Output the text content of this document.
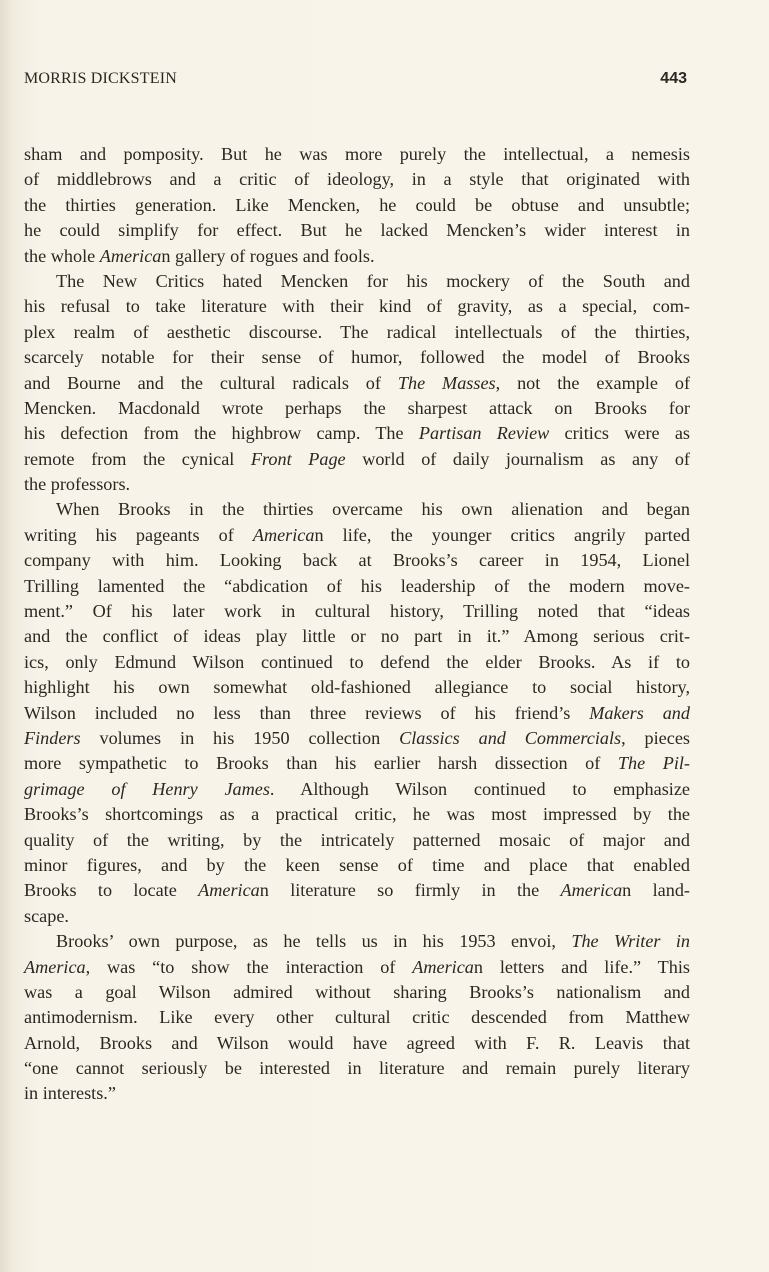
MORRIS DICKSTEIN	443
sham and pomposity. But he was more purely the intellectual, a nemesis
of middlebrows and a critic of ideology, in a style that originated with
the thirties generation. Like Mencken, he could be obtuse and unsubtle;
he could simplify for effect. But he lacked Mencken’s wider interest in
the whole American gallery of rogues and fools.
The New Critics hated Mencken for his mockery of the South and
his refusal to take literature with their kind of gravity, as a special, com-
plex realm of aesthetic discourse. The radical intellectuals of the thirties,
scarcely notable for their sense of humor, followed the model of Brooks
and Bourne and the cultural radicals of The Masses, not the example of
Mencken. Macdonald wrote perhaps the sharpest attack on Brooks for
his defection from the highbrow camp. The Partisan Review critics were as
remote from the cynical Front Page world of daily journalism as any of
the professors.
When Brooks in the thirties overcame his own alienation and began
writing his pageants of American life, the younger critics angrily parted
company with him. Looking back at Brooks’s career in 1954, Lionel
Trilling lamented the “abdication of his leadership of the modern move-
ment.” Of his later work in cultural history, Trilling noted that “ideas
and the conflict of ideas play little or no part in it.” Among serious crit-
ics, only Edmund Wilson continued to defend the elder Brooks. As if to
highlight his own somewhat old-fashioned allegiance to social history,
Wilson included no less than three reviews of his friend’s Makers and
Finders volumes in his 1950 collection Classics and Commercials, pieces
more sympathetic to Brooks than his earlier harsh dissection of The Pil-
grimage of Henry James. Although Wilson continued to emphasize
Brooks’s shortcomings as a practical critic, he was most impressed by the
quality of the writing, by the intricately patterned mosaic of major and
minor figures, and by the keen sense of time and place that enabled
Brooks to locate American literature so firmly in the American land-
scape.
Brooks’ own purpose, as he tells us in his 1953 envoi, The Writer in
America, was “to show the interaction of American letters and life.” This
was a goal Wilson admired without sharing Brooks’s nationalism and
antimodernism. Like every other cultural critic descended from Matthew
Arnold, Brooks and Wilson would have agreed with F. R. Leavis that
“one cannot seriously be interested in literature and remain purely literary
in interests.”
